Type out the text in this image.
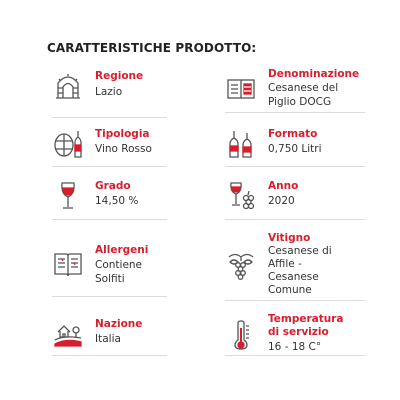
CARATTERISTICHE PRODOTTO:
Regione
Lazio
Denominazione
Cesanese del
Piglio DOCG
Tipologia
Vino Rosso
Formato
0,750 Litri
Grado
14,50 %
Anno
2020
Allergeni
Contiene
Solfiti
Vitigno
Cesanese di
Affile -
Cesanese
Comune
Nazione
Italia
Temperatura
di servizio
16 - 18 C°
